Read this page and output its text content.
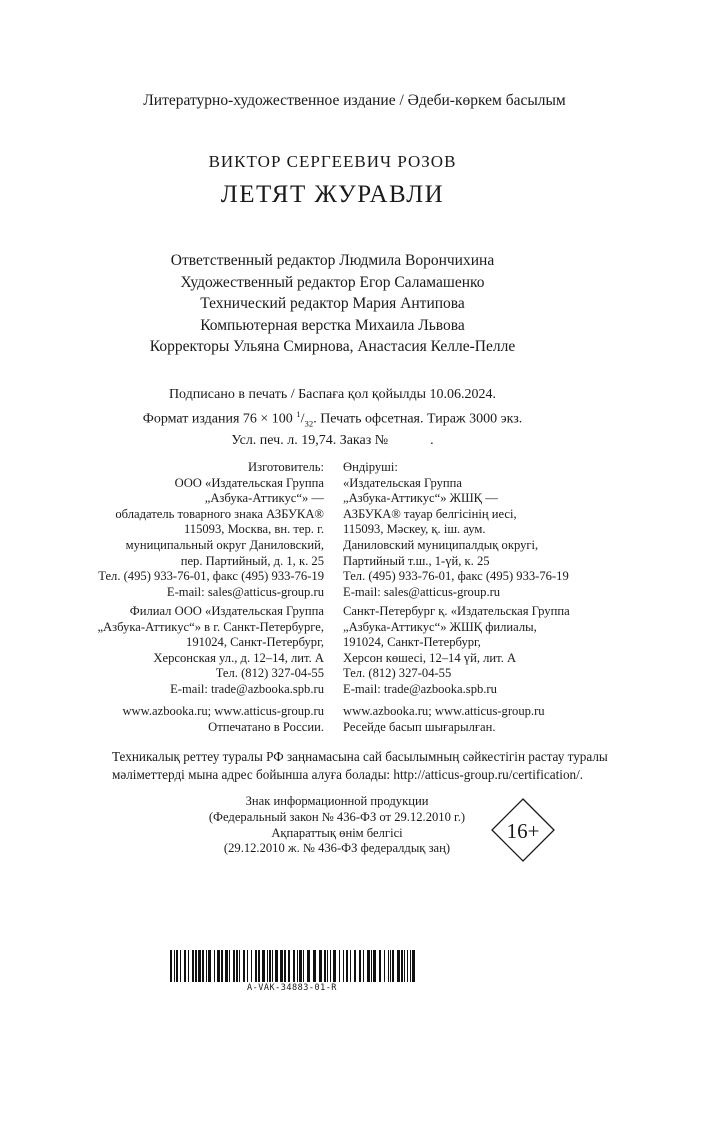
Литературно-художественное издание / Әдеби-көркем басылым
ВИКТОР СЕРГЕЕВИЧ РОЗОВ
ЛЕТЯТ ЖУРАВЛИ
Ответственный редактор Людмила Ворончихина
Художественный редактор Егор Саламашенко
Технический редактор Мария Антипова
Компьютерная верстка Михаила Львова
Корректоры Ульяна Смирнова, Анастасия Келле-Пелле
Подписано в печать / Баспаға қол қойылды 10.06.2024.
Формат издания 76 × 100 $^1/_{32}$. Печать офсетная. Тираж 3000 экз.
Усл. печ. л. 19,74. Заказ №            .
Изготовитель:
ООО «Издательская Группа
„Азбука-Аттикус“» —
обладатель товарного знака АЗБУКА®
115093, Москва, вн. тер. г.
муниципальный округ Даниловский,
пер. Партийный, д. 1, к. 25
Тел. (495) 933-76-01, факс (495) 933-76-19
E-mail: sales@atticus-group.ru
Филиал ООО «Издательская Группа
„Азбука-Аттикус“» в г. Санкт-Петербурге,
191024, Санкт-Петербург,
Херсонская ул., д. 12–14, лит. А
Тел. (812) 327-04-55
E-mail: trade@azbooka.spb.ru
www.azbooka.ru; www.atticus-group.ru
Отпечатано в России.
Өндіруші:
«Издательская Группа
„Азбука-Аттикус“» ЖШҚ —
АЗБУКА® тауар белгісінің иесі,
115093, Мәскеу, қ. іш. аум.
Даниловский муниципалдық округі,
Партийный т.ш., 1-үй, к. 25
Тел. (495) 933-76-01, факс (495) 933-76-19
E-mail: sales@atticus-group.ru
Санкт-Петербург қ. «Издательская Группа
„Азбука-Аттикус“» ЖШҚ филиалы,
191024, Санкт-Петербург,
Херсон көшесі, 12–14 үй, лит. А
Тел. (812) 327-04-55
E-mail: trade@azbooka.spb.ru
www.azbooka.ru; www.atticus-group.ru
Ресейде басып шығарылған.
Техникалық реттеу туралы РФ заңнамасына сай басылымның сәйкестігін растау туралы
мәліметтерді мына адрес бойынша алуға болады: http://atticus-group.ru/certification/.
Знак информационной продукции
(Федеральный закон № 436-ФЗ от 29.12.2010 г.)
Ақпараттық өнім белгісі
(29.12.2010 ж. № 436-ФЗ федералдық заң)
16+
A-VAK-34883-01-R
